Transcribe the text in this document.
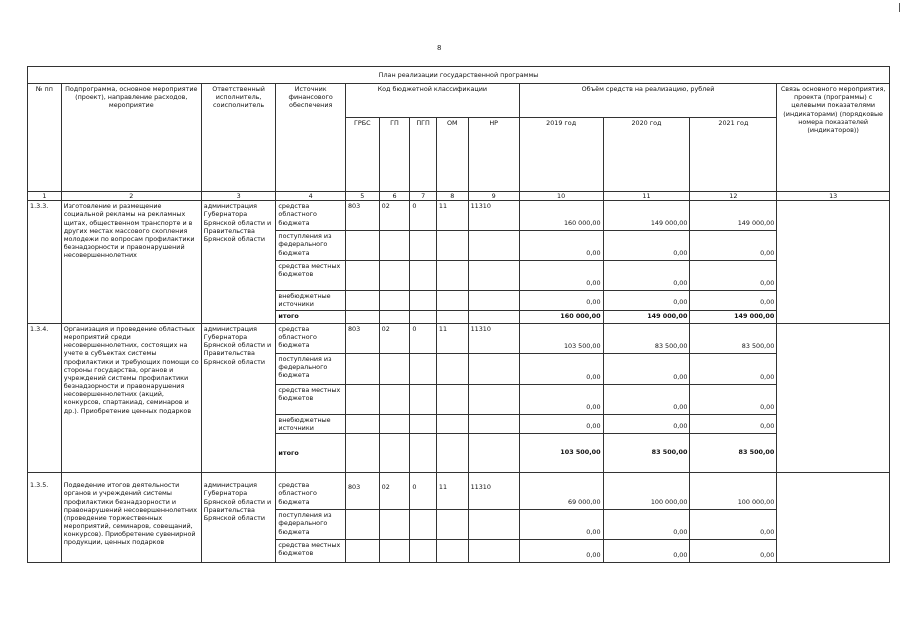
8
План реализации государственной программы												
№ пп	Подпрограмма, основное мероприятие (проект), направление расходов, мероприятие	Ответственный исполнитель, соисполнитель	Источник финансового обеспечения	Код бюджетной классификации					Объём средств на реализацию, рублей			Связь основного мероприятия, проекта (программы) с целевыми показателями (индикаторами) (порядковые номера показателей (индикаторов))
				ГРБС	ГП	ПГП	ОМ	НР	2019 год	2020 год	2021 год	
1	2	3	4	5	6	7	8	9	10	11	12	13
1.3.3.	Изготовление и размещение социальной рекламы на рекламных щитах, общественном транспорте и в других местах массового скопления молодежи по вопросам профилактики безнадзорности и правонарушений несовершеннолетних	администрация Губернатора Брянской области и Правительства Брянской области	средства областного бюджета	803	02	0	11	11310	160 000,00	149 000,00	149 000,00	
			поступления из федерального бюджета						0,00	0,00	0,00	
			средства местных бюджетов						0,00	0,00	0,00	
			внебюджетные источники						0,00	0,00	0,00	
			итого						160 000,00	149 000,00	149 000,00	
1.3.4.	Организация и проведение областных мероприятий среди несовершеннолетних, состоящих на учете в субъектах системы профилактики и требующих помощи со стороны государства, органов и учреждений системы профилактики безнадзорности и правонарушения несовершеннолетних (акций, конкурсов, спартакиад, семинаров и др.). Приобретение ценных подарков	администрация Губернатора Брянской области и Правительства Брянской области	средства областного бюджета	803	02	0	11	11310	103 500,00	83 500,00	83 500,00	
			поступления из федерального бюджета						0,00	0,00	0,00	
			средства местных бюджетов						0,00	0,00	0,00	
			внебюджетные источники						0,00	0,00	0,00	
			итого						103 500,00	83 500,00	83 500,00	
1.3.5.	Подведение итогов деятельности органов и учреждений системы профилактики безнадзорности и правонарушений несовершеннолетних (проведение торжественных мероприятий, семинаров, совещаний, конкурсов). Приобретение сувенирной продукции, ценных подарков	администрация Губернатора Брянской области и Правительства Брянской области	средства областного бюджета	803	02	0	11	11310	69 000,00	100 000,00	100 000,00	
			поступления из федерального бюджета						0,00	0,00	0,00	
			средства местных бюджетов						0,00	0,00	0,00	
